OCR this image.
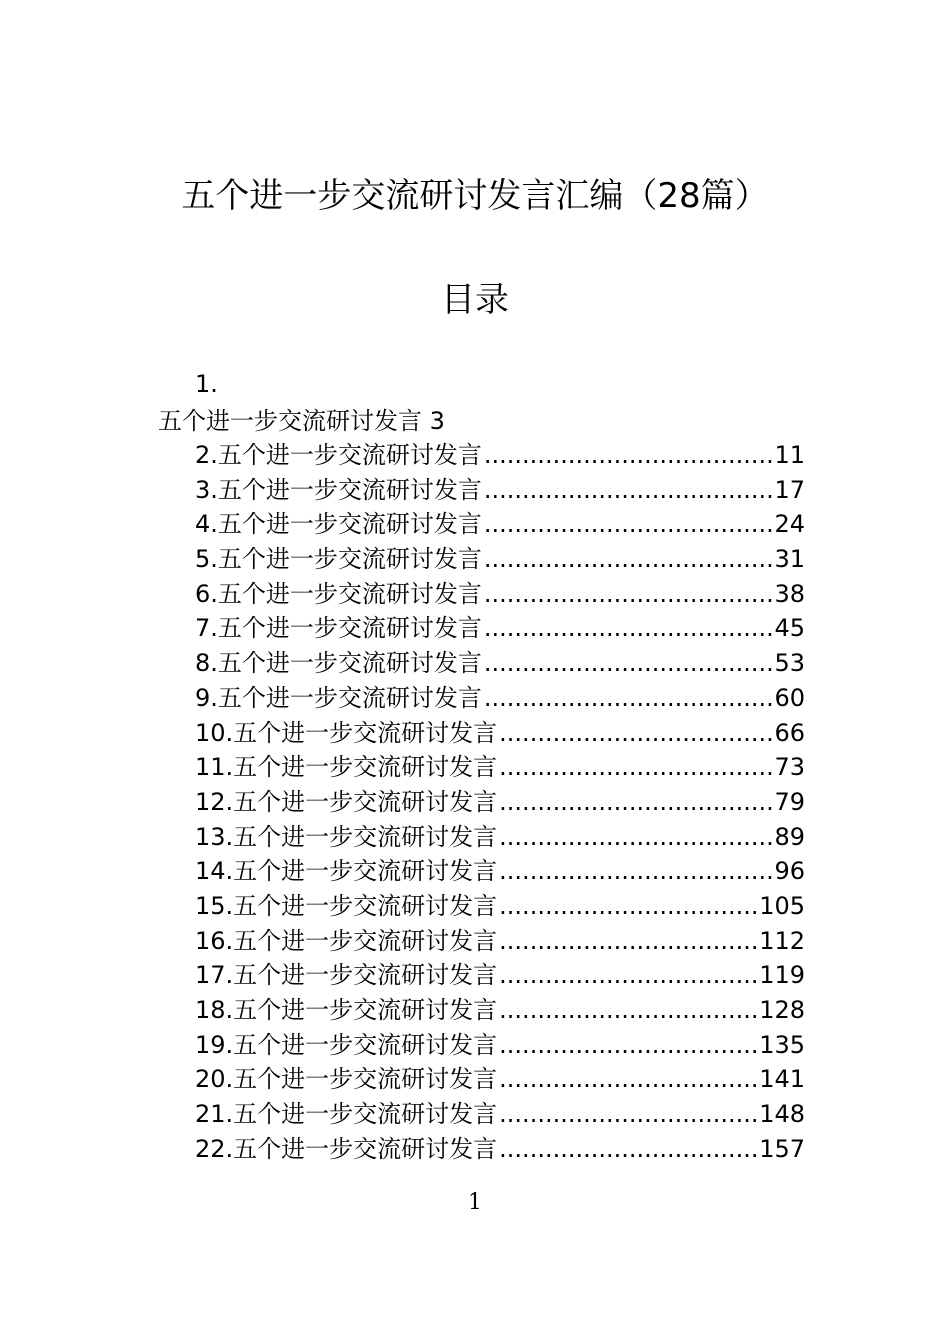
五个进一步交流研讨发言汇编（28篇）
目录
1.
五个进一步交流研讨发言 3
2.五个进一步交流研讨发言 .....	11
3.五个进一步交流研讨发言 .....	17
4.五个进一步交流研讨发言 .....	24
5.五个进一步交流研讨发言 .....	31
6.五个进一步交流研讨发言 .....	38
7.五个进一步交流研讨发言 .....	45
8.五个进一步交流研讨发言 .....	53
9.五个进一步交流研讨发言 .....	60
10.五个进一步交流研讨发言 .....	66
11.五个进一步交流研讨发言 .....	73
12.五个进一步交流研讨发言 .....	79
13.五个进一步交流研讨发言 .....	89
14.五个进一步交流研讨发言 .....	96
15.五个进一步交流研讨发言 .....	105
16.五个进一步交流研讨发言 .....	112
17.五个进一步交流研讨发言 .....	119
18.五个进一步交流研讨发言 .....	128
19.五个进一步交流研讨发言 .....	135
20.五个进一步交流研讨发言 .....	141
21.五个进一步交流研讨发言 .....	148
22.五个进一步交流研讨发言 .....	157
1
